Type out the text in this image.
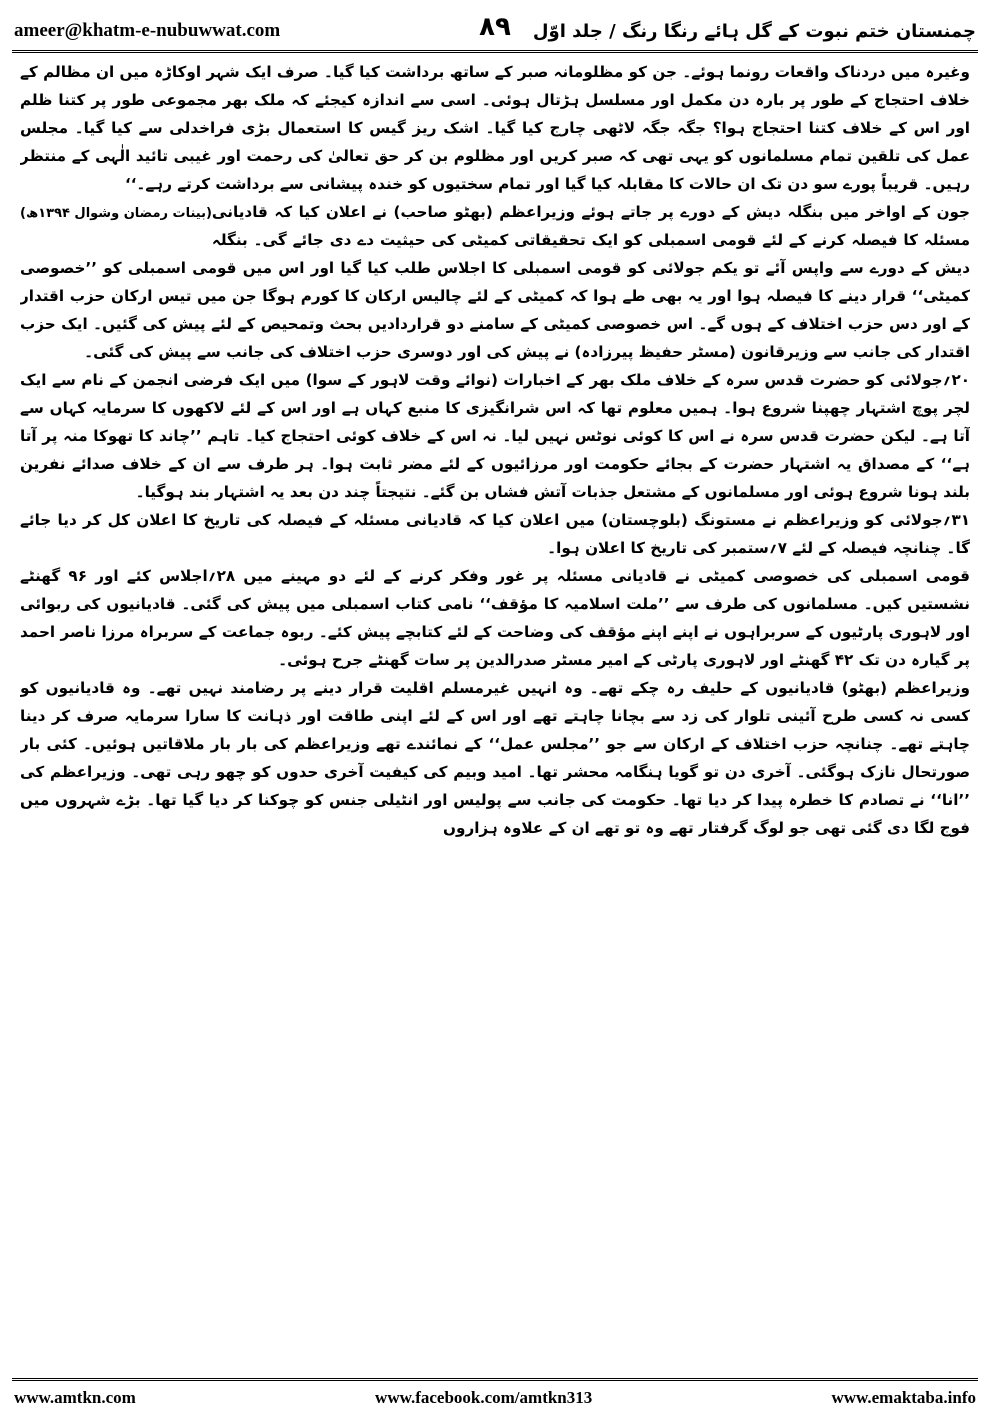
ameer@khatm-e-nubuwwat.com	۸۹ چمنستان ختم نبوت کے گل ہائے رنگا رنگ / جلد اوّل

وغیرہ میں دردناک واقعات رونما ہوئے۔ جن کو مظلومانہ صبر کے ساتھ برداشت کیا گیا۔ صرف ایک شہر اوکاڑہ میں ان مظالم کے خلاف احتجاج کے طور پر بارہ دن مکمل اور مسلسل ہڑتال ہوئی۔ اسی سے اندازہ کیجئے کہ ملک بھر مجموعی طور پر کتنا ظلم اور اس کے خلاف کتنا احتجاج ہوا؟ جگہ جگہ لاٹھی چارج کیا گیا۔ اشک ریز گیس کا استعمال بڑی فراخدلی سے کیا گیا۔ مجلس عمل کی تلقین تمام مسلمانوں کو یہی تھی کہ صبر کریں اور مظلوم بن کر حق تعالیٰ کی رحمت اور غیبی تائید الٰہی کے منتظر رہیں۔ قریباً پورے سو دن تک ان حالات کا مقابلہ کیا گیا اور تمام سختیوں کو خندہ پیشانی سے برداشت کرتے رہے۔‘‘
(بینات رمضان وشوال ۱۳۹۴ھ) جون کے اواخر میں بنگلہ دیش کے دورے پر جاتے ہوئے وزیراعظم (بھٹو صاحب) نے اعلان کیا کہ قادیانی مسئلہ کا فیصلہ کرنے کے لئے قومی اسمبلی کو ایک تحقیقاتی کمیٹی کی حیثیت دے دی جائے گی۔ بنگلہ دیش کے دورے سے واپس آئے تو یکم جولائی کو قومی اسمبلی کا اجلاس طلب کیا گیا اور اس میں قومی اسمبلی کو ’’خصوصی کمیٹی‘‘ قرار دینے کا فیصلہ ہوا اور یہ بھی طے ہوا کہ کمیٹی کے لئے چالیس ارکان کا کورم ہوگا جن میں تیس ارکان حزب اقتدار کے اور دس حزب اختلاف کے ہوں گے۔ اس خصوصی کمیٹی کے سامنے دو قراردادیں بحث وتمحیص کے لئے پیش کی گئیں۔ ایک حزب اقتدار کی جانب سے وزیرقانون (مسٹر حفیظ پیرزادہ) نے پیش کی اور دوسری حزب اختلاف کی جانب سے پیش کی گئی۔

۲۰؍جولائی کو حضرت قدس سرہ کے خلاف ملک بھر کے اخبارات (نوائے وقت لاہور کے سوا) میں ایک فرضی انجمن کے نام سے ایک لچر پوچ اشتہار چھپنا شروع ہوا۔ ہمیں معلوم تھا کہ اس شرانگیزی کا منبع کہاں ہے اور اس کے لئے لاکھوں کا سرمایہ کہاں سے آتا ہے۔ لیکن حضرت قدس سرہ نے اس کا کوئی نوٹس نہیں لیا۔ نہ اس کے خلاف کوئی احتجاج کیا۔ تاہم ’’چاند کا تھوکا منہ پر آتا ہے‘‘ کے مصداق یہ اشتہار حضرت کے بجائے حکومت اور مرزائیوں کے لئے مضر ثابت ہوا۔ ہر طرف سے ان کے خلاف صدائے نفرین بلند ہونا شروع ہوئی اور مسلمانوں کے مشتعل جذبات آتش فشاں بن گئے۔ نتیجتاً چند دن بعد یہ اشتہار بند ہوگیا۔

۳۱؍جولائی کو وزیراعظم نے مستونگ (بلوچستان) میں اعلان کیا کہ قادیانی مسئلہ کے فیصلہ کی تاریخ کا اعلان کل کر دیا جائے گا۔ چنانچہ فیصلہ کے لئے ۷؍ستمبر کی تاریخ کا اعلان ہوا۔

قومی اسمبلی کی خصوصی کمیٹی نے قادیانی مسئلہ پر غور وفکر کرنے کے لئے دو مہینے میں ۲۸؍اجلاس کئے اور ۹۶ گھنٹے نشستیں کیں۔ مسلمانوں کی طرف سے ’’ملت اسلامیہ کا مؤقف‘‘ نامی کتاب اسمبلی میں پیش کی گئی۔ قادیانیوں کی ربوائی اور لاہوری پارٹیوں کے سربراہوں نے اپنے اپنے مؤقف کی وضاحت کے لئے کتابچے پیش کئے۔ ربوہ جماعت کے سربراہ مرزا ناصر احمد پر گیارہ دن تک ۴۲ گھنٹے اور لاہوری پارٹی کے امیر مسٹر صدرالدین پر سات گھنٹے جرح ہوئی۔

وزیراعظم (بھٹو) قادیانیوں کے حلیف رہ چکے تھے۔ وہ انہیں غیرمسلم اقلیت قرار دینے پر رضامند نہیں تھے۔ وہ قادیانیوں کو کسی نہ کسی طرح آئینی تلوار کی زد سے بچانا چاہتے تھے اور اس کے لئے اپنی طاقت اور ذہانت کا سارا سرمایہ صرف کر دینا چاہتے تھے۔ چنانچہ حزب اختلاف کے ارکان سے جو ’’مجلس عمل‘‘ کے نمائندے تھے وزیراعظم کی بار بار ملاقاتیں ہوئیں۔ کئی بار صورتحال نازک ہوگئی۔ آخری دن تو گویا ہنگامہ محشر تھا۔ امید وبیم کی کیفیت آخری حدوں کو چھو رہی تھی۔ وزیراعظم کی ’’انا‘‘ نے تصادم کا خطرہ پیدا کر دیا تھا۔ حکومت کی جانب سے پولیس اور انٹیلی جنس کو چوکنا کر دیا گیا تھا۔ بڑے شہروں میں فوج لگا دی گئی تھی جو لوگ گرفتار تھے وہ تو تھے ان کے علاوہ ہزاروں

www.amtkn.com	www.facebook.com/amtkn313	www.emaktaba.info
